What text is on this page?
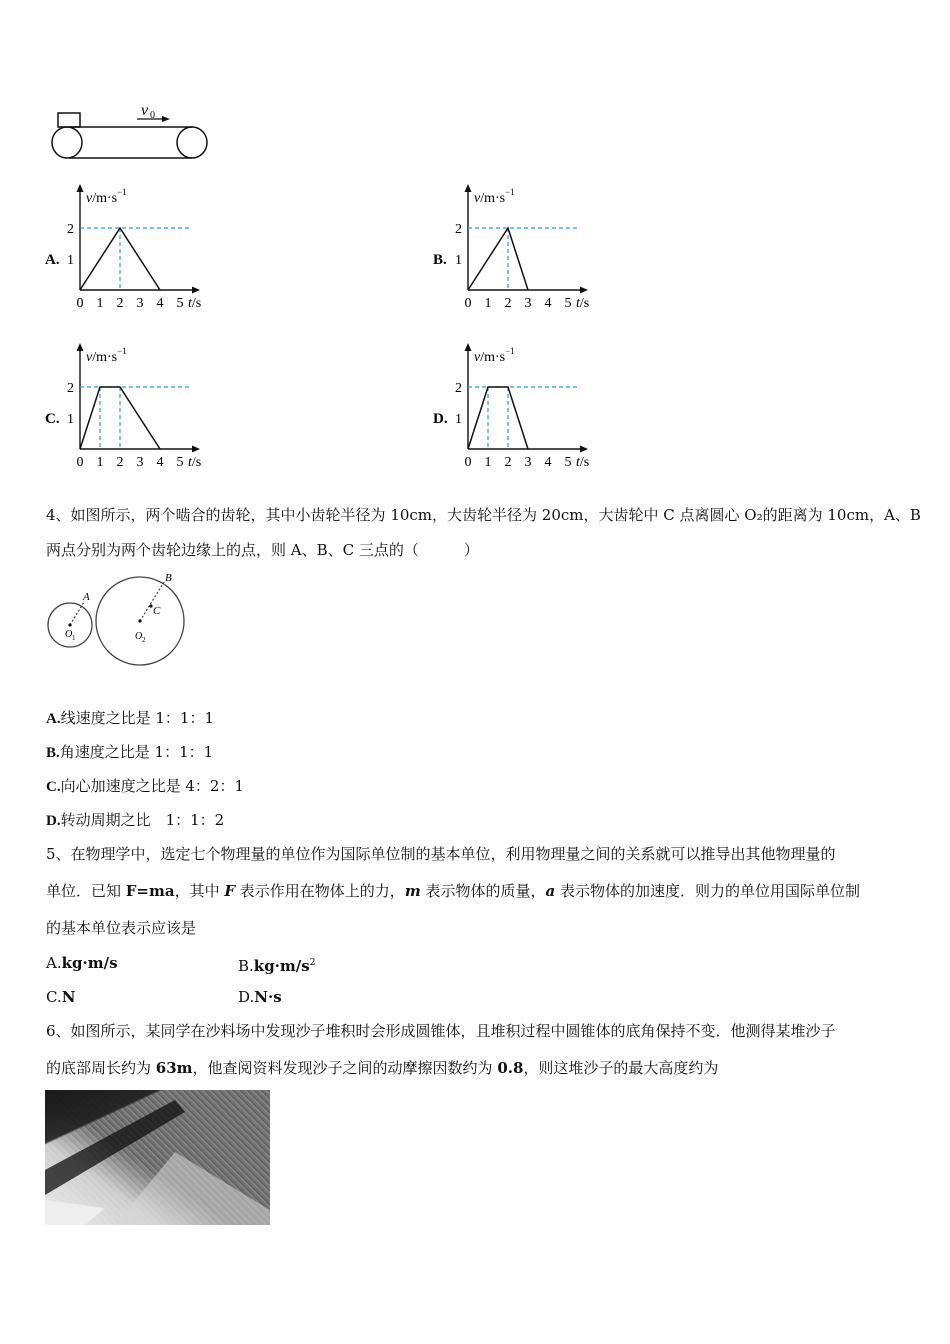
v 0
A.
0 1 2 3 4 5
1
2
t/s
$v/m\cdot s^{-1}$
B.
0 1 2 3 4 5
1
2
t/s
$v/m\cdot s^{-1}$
C.
0 1 2 3 4 5
1
2
t/s
$v/m\cdot s^{-1}$
D.
0 1 2 3 4 5
1
2
t/s
$v/m\cdot s^{-1}$
4、如图所示，两个啮合的齿轮，其中小齿轮半径为 10cm，大齿轮半径为 20cm，大齿轮中 C 点离圆心 O₂的距离为 10cm，A、B
两点分别为两个齿轮边缘上的点，则 A、B、C 三点的（　　　）
A
B
C
O 1	O 2
A.线速度之比是 1：1：1
B.角速度之比是 1：1：1
C.向心加速度之比是 4：2：1
D.转动周期之比　1：1：2
5、在物理学中，选定七个物理量的单位作为国际单位制的基本单位，利用物理量之间的关系就可以推导出其他物理量的
单位．已知 F=ma，其中 F 表示作用在物体上的力，m 表示物体的质量，a 表示物体的加速度．则力的单位用国际单位制
的基本单位表示应该是
A.kg·m/s	$B.kg\cdot m/s^2$
C.N	D.N·s
6、如图所示，某同学在沙料场中发现沙子堆积时会形成圆锥体，且堆积过程中圆锥体的底角保持不变．他测得某堆沙子
的底部周长约为 63m，他查阅资料发现沙子之间的动摩擦因数约为 0.8，则这堆沙子的最大高度约为
